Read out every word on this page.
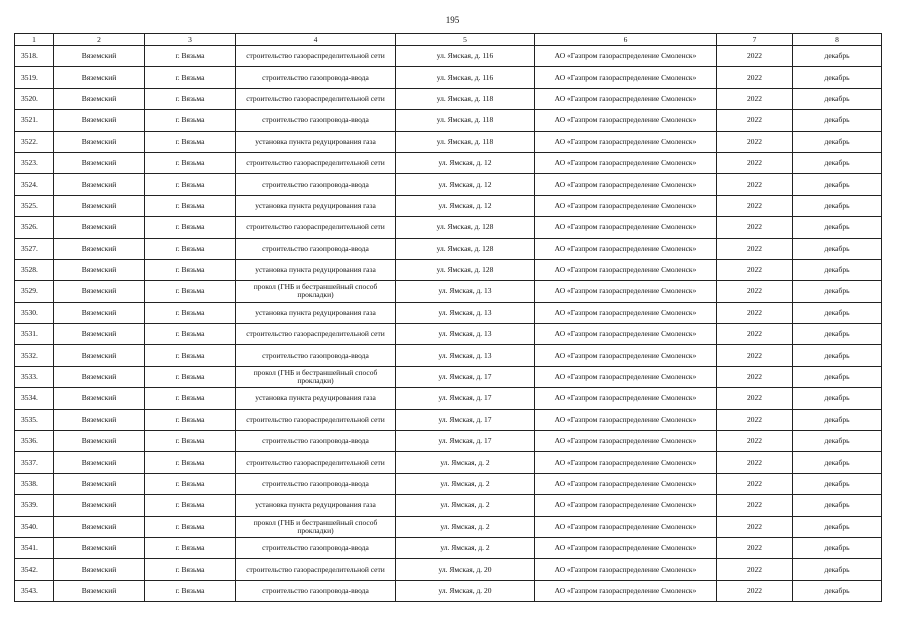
195
1	2	3	4	5	6	7	8
3518.	Вяземский	г. Вязьма	строительство газораспределительной сети	ул. Ямская, д. 116	АО «Газпром газораспределение Смоленск»	2022	декабрь
3519.	Вяземский	г. Вязьма	строительство газопровода-ввода	ул. Ямская, д. 116	АО «Газпром газораспределение Смоленск»	2022	декабрь
3520.	Вяземский	г. Вязьма	строительство газораспределительной сети	ул. Ямская, д. 118	АО «Газпром газораспределение Смоленск»	2022	декабрь
3521.	Вяземский	г. Вязьма	строительство газопровода-ввода	ул. Ямская, д. 118	АО «Газпром газораспределение Смоленск»	2022	декабрь
3522.	Вяземский	г. Вязьма	установка пункта редуцирования газа	ул. Ямская, д. 118	АО «Газпром газораспределение Смоленск»	2022	декабрь
3523.	Вяземский	г. Вязьма	строительство газораспределительной сети	ул. Ямская, д. 12	АО «Газпром газораспределение Смоленск»	2022	декабрь
3524.	Вяземский	г. Вязьма	строительство газопровода-ввода	ул. Ямская, д. 12	АО «Газпром газораспределение Смоленск»	2022	декабрь
3525.	Вяземский	г. Вязьма	установка пункта редуцирования газа	ул. Ямская, д. 12	АО «Газпром газораспределение Смоленск»	2022	декабрь
3526.	Вяземский	г. Вязьма	строительство газораспределительной сети	ул. Ямская, д. 128	АО «Газпром газораспределение Смоленск»	2022	декабрь
3527.	Вяземский	г. Вязьма	строительство газопровода-ввода	ул. Ямская, д. 128	АО «Газпром газораспределение Смоленск»	2022	декабрь
3528.	Вяземский	г. Вязьма	установка пункта редуцирования газа	ул. Ямская, д. 128	АО «Газпром газораспределение Смоленск»	2022	декабрь
3529.	Вяземский	г. Вязьма	прокол (ГНБ и бестраншейный способ прокладки)	ул. Ямская, д. 13	АО «Газпром газораспределение Смоленск»	2022	декабрь
3530.	Вяземский	г. Вязьма	установка пункта редуцирования газа	ул. Ямская, д. 13	АО «Газпром газораспределение Смоленск»	2022	декабрь
3531.	Вяземский	г. Вязьма	строительство газораспределительной сети	ул. Ямская, д. 13	АО «Газпром газораспределение Смоленск»	2022	декабрь
3532.	Вяземский	г. Вязьма	строительство газопровода-ввода	ул. Ямская, д. 13	АО «Газпром газораспределение Смоленск»	2022	декабрь
3533.	Вяземский	г. Вязьма	прокол (ГНБ и бестраншейный способ прокладки)	ул. Ямская, д. 17	АО «Газпром газораспределение Смоленск»	2022	декабрь
3534.	Вяземский	г. Вязьма	установка пункта редуцирования газа	ул. Ямская, д. 17	АО «Газпром газораспределение Смоленск»	2022	декабрь
3535.	Вяземский	г. Вязьма	строительство газораспределительной сети	ул. Ямская, д. 17	АО «Газпром газораспределение Смоленск»	2022	декабрь
3536.	Вяземский	г. Вязьма	строительство газопровода-ввода	ул. Ямская, д. 17	АО «Газпром газораспределение Смоленск»	2022	декабрь
3537.	Вяземский	г. Вязьма	строительство газораспределительной сети	ул. Ямская, д. 2	АО «Газпром газораспределение Смоленск»	2022	декабрь
3538.	Вяземский	г. Вязьма	строительство газопровода-ввода	ул. Ямская, д. 2	АО «Газпром газораспределение Смоленск»	2022	декабрь
3539.	Вяземский	г. Вязьма	установка пункта редуцирования газа	ул. Ямская, д. 2	АО «Газпром газораспределение Смоленск»	2022	декабрь
3540.	Вяземский	г. Вязьма	прокол (ГНБ и бестраншейный способ прокладки)	ул. Ямская, д. 2	АО «Газпром газораспределение Смоленск»	2022	декабрь
3541.	Вяземский	г. Вязьма	строительство газопровода-ввода	ул. Ямская, д. 2	АО «Газпром газораспределение Смоленск»	2022	декабрь
3542.	Вяземский	г. Вязьма	строительство газораспределительной сети	ул. Ямская, д. 20	АО «Газпром газораспределение Смоленск»	2022	декабрь
3543.	Вяземский	г. Вязьма	строительство газопровода-ввода	ул. Ямская, д. 20	АО «Газпром газораспределение Смоленск»	2022	декабрь
